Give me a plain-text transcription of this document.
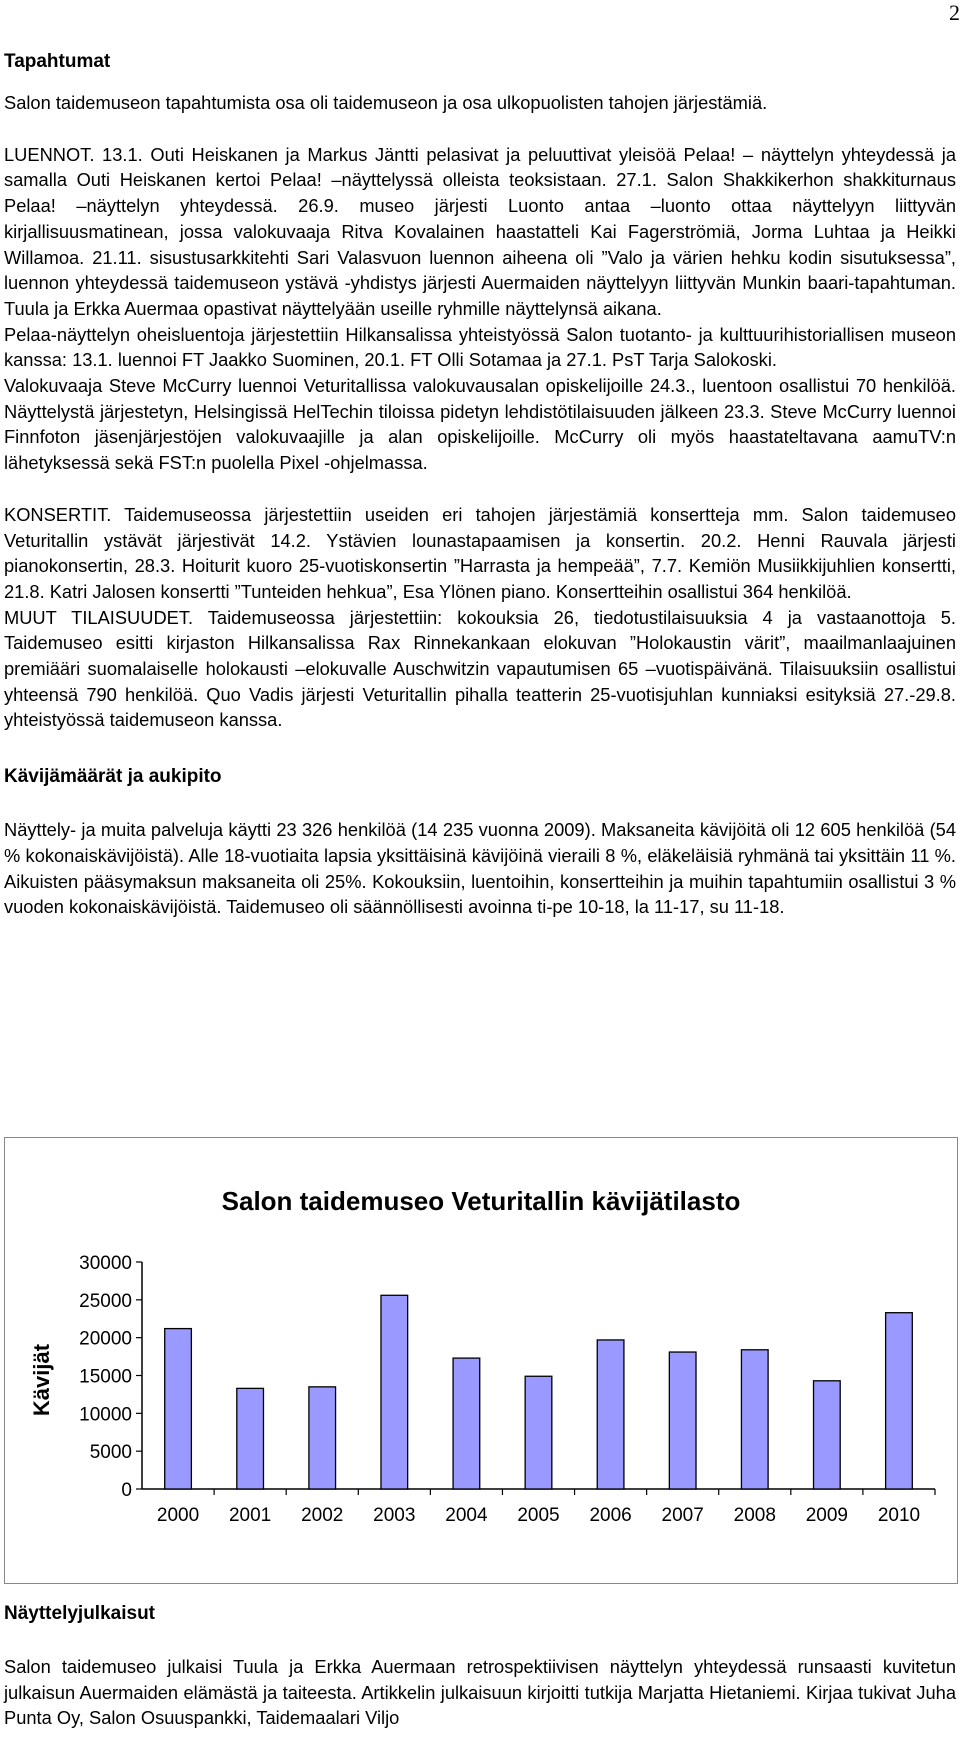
2
Tapahtumat

Salon taidemuseon tapahtumista osa oli taidemuseon ja osa ulkopuolisten tahojen järjestämiä.

LUENNOT. 13.1. Outi Heiskanen ja Markus Jäntti pelasivat ja peluuttivat yleisöä Pelaa! – näyttelyn yhteydessä ja samalla Outi Heiskanen kertoi Pelaa! –näyttelyssä olleista teoksistaan. 27.1. Salon Shakkikerhon shakkiturnaus Pelaa! –näyttelyn yhteydessä. 26.9. museo järjesti Luonto antaa –luonto ottaa näyttelyyn liittyvän kirjallisuusmatinean, jossa valokuvaaja Ritva Kovalainen haastatteli Kai Fagerströmiä, Jorma Luhtaa ja Heikki Willamoa. 21.11. sisustusarkkitehti Sari Valasvuon luennon aiheena oli ”Valo ja värien hehku kodin sisutuksessa”, luennon yhteydessä taidemuseon ystävä -yhdistys järjesti Auermaiden näyttelyyn liittyvän Munkin baari-tapahtuman. Tuula ja Erkka Auermaa opastivat näyttelyään useille ryhmille näyttelynsä aikana.

Pelaa-näyttelyn oheisluentoja järjestettiin Hilkansalissa yhteistyössä Salon tuotanto- ja kulttuurihistoriallisen museon kanssa: 13.1. luennoi FT Jaakko Suominen, 20.1. FT Olli Sotamaa ja 27.1. PsT Tarja Salokoski.

Valokuvaaja Steve McCurry luennoi Veturitallissa valokuvausalan opiskelijoille 24.3., luentoon osallistui 70 henkilöä. Näyttelystä järjestetyn, Helsingissä HelTechin tiloissa pidetyn lehdistötilaisuuden jälkeen 23.3. Steve McCurry luennoi Finnfoton jäsenjärjestöjen valokuvaajille ja alan opiskelijoille. McCurry oli myös haastateltavana aamuTV:n lähetyksessä sekä FST:n puolella Pixel -ohjelmassa.

KONSERTIT. Taidemuseossa järjestettiin useiden eri tahojen järjestämiä konsertteja mm. Salon taidemuseo Veturitallin ystävät järjestivät 14.2. Ystävien lounastapaamisen ja konsertin. 20.2. Henni Rauvala järjesti pianokonsertin, 28.3. Hoiturit kuoro 25-vuotiskonsertin ”Harrasta ja hempeää”, 7.7. Kemiön Musiikkijuhlien konsertti, 21.8. Katri Jalosen konsertti ”Tunteiden hehkua”, Esa Ylönen piano. Konsertteihin osallistui 364 henkilöä.

MUUT TILAISUUDET. Taidemuseossa järjestettiin: kokouksia 26, tiedotustilaisuuksia 4 ja vastaanottoja 5. Taidemuseo esitti kirjaston Hilkansalissa Rax Rinnekankaan elokuvan ”Holokaustin värit”, maailmanlaajuinen premiääri suomalaiselle holokausti –elokuvalle Auschwitzin vapautumisen 65 –vuotispäivänä. Tilaisuuksiin osallistui yhteensä 790 henkilöä. Quo Vadis järjesti Veturitallin pihalla teatterin 25-vuotisjuhlan kunniaksi esityksiä 27.-29.8. yhteistyössä taidemuseon kanssa.

Kävijämäärät ja aukipito

Näyttely- ja muita palveluja käytti 23 326 henkilöä (14 235 vuonna 2009). Maksaneita kävijöitä oli 12 605 henkilöä (54 % kokonaiskävijöistä). Alle 18-vuotiaita lapsia yksittäisinä kävijöinä vieraili 8 %, eläkeläisiä ryhmänä tai yksittäin 11 %. Aikuisten pääsymaksun maksaneita oli 25%. Kokouksiin, luentoihin, konsertteihin ja muihin tapahtumiin osallistui 3 % vuoden kokonaiskävijöistä. Taidemuseo oli säännöllisesti avoinna ti-pe 10-18, la 11-17, su 11-18.

Salon taidemuseo Veturitallin kävijätilasto
Kävijät
0
5000
10000
15000
20000
25000
30000
2000 2001 2002 2003 2004 2005 2006 2007 2008 2009 2010
Näyttelyjulkaisut

Salon taidemuseo julkaisi Tuula ja Erkka Auermaan retrospektiivisen näyttelyn yhteydessä runsaasti kuvitetun julkaisun Auermaiden elämästä ja taiteesta. Artikkelin julkaisuun kirjoitti tutkija Marjatta Hietaniemi. Kirjaa tukivat Juha Punta Oy, Salon Osuuspankki, Taidemaalari Viljo
